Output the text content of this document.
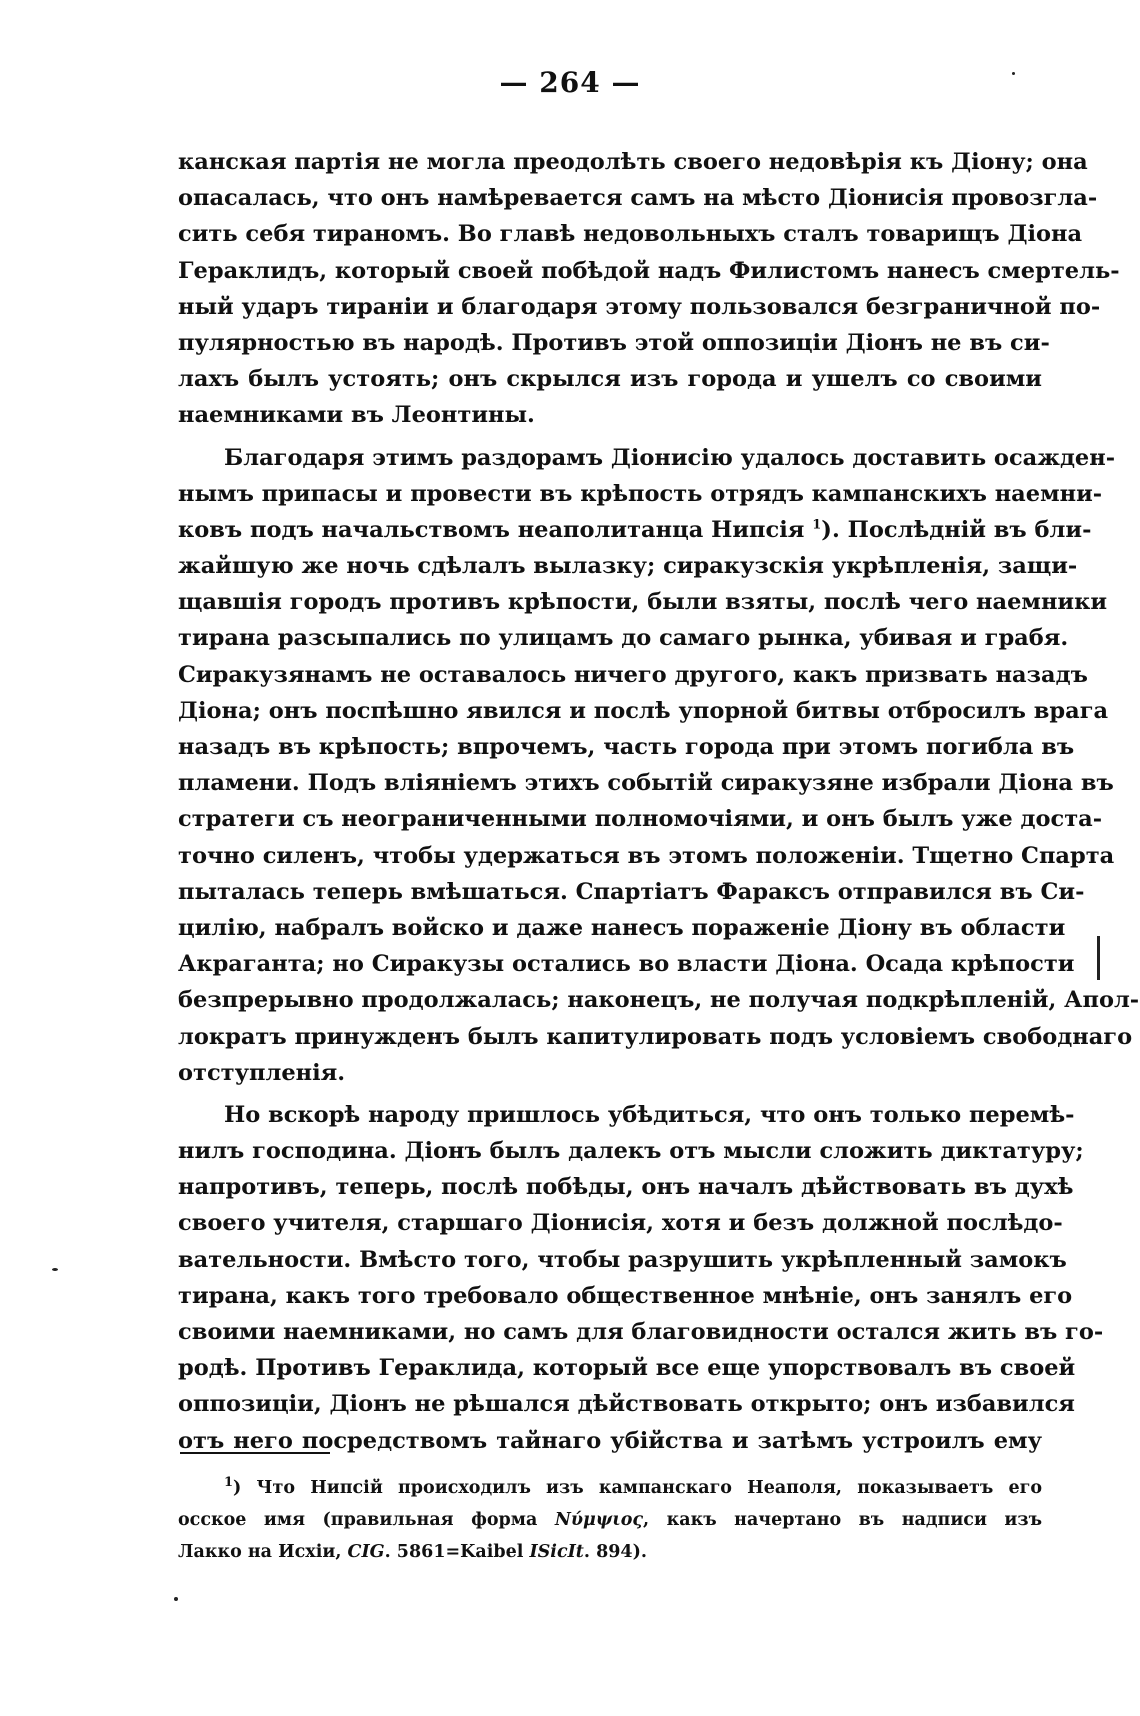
— 264 —
канская партія не могла преодолѣть своего недовѣрія къ Діону; она
опасалась, что онъ намѣревается самъ на мѣсто Діонисія провозгла-
сить себя тираномъ. Во главѣ недовольныхъ сталъ товарищъ Діона
Гераклидъ, который своей побѣдой надъ Филистомъ нанесъ смертель-
ный ударъ тираніи и благодаря этому пользовался безграничной по-
пулярностью въ народѣ. Противъ этой оппозиціи Діонъ не въ си-
лахъ былъ устоять; онъ скрылся изъ города и ушелъ со своими
наемниками въ Леонтины.
Благодаря этимъ раздорамъ Діонисію удалось доставить осажден-
нымъ припасы и провести въ крѣпость отрядъ кампанскихъ наемни-
ковъ подъ начальствомъ неаполитанца Нипсія $^1$). Послѣдній въ бли-
жайшую же ночь сдѣлалъ вылазку; сиракузскія укрѣпленія, защи-
щавшія городъ противъ крѣпости, были взяты, послѣ чего наемники
тирана разсыпались по улицамъ до самаго рынка, убивая и грабя.
Сиракузянамъ не оставалось ничего другого, какъ призвать назадъ
Діона; онъ поспѣшно явился и послѣ упорной битвы отбросилъ врага
назадъ въ крѣпость; впрочемъ, часть города при этомъ погибла въ
пламени. Подъ вліяніемъ этихъ событій сиракузяне избрали Діона въ
стратеги съ неограниченными полномочіями, и онъ былъ уже доста-
точно силенъ, чтобы удержаться въ этомъ положеніи. Тщетно Спарта
пыталась теперь вмѣшаться. Спартіатъ Фараксъ отправился въ Си-
цилію, набралъ войско и даже нанесъ пораженіе Діону въ области
Акраганта; но Сиракузы остались во власти Діона. Осада крѣпости
безпрерывно продолжалась; наконецъ, не получая подкрѣпленій, Апол-
лократъ принужденъ былъ капитулировать подъ условіемъ свободнаго
отступленія.
Но вскорѣ народу пришлось убѣдиться, что онъ только перемѣ-
нилъ господина. Діонъ былъ далекъ отъ мысли сложить диктатуру;
напротивъ, теперь, послѣ побѣды, онъ началъ дѣйствовать въ духѣ
своего учителя, старшаго Діонисія, хотя и безъ должной послѣдо-
вательности. Вмѣсто того, чтобы разрушить укрѣпленный замокъ
тирана, какъ того требовало общественное мнѣніе, онъ занялъ его
своими наемниками, но самъ для благовидности остался жить въ го-
родѣ. Противъ Гераклида, который все еще упорствовалъ въ своей
оппозиціи, Діонъ не рѣшался дѣйствовать открыто; онъ избавился
отъ него посредствомъ тайнаго убійства и затѣмъ устроилъ ему
$^1$) Что Нипсій происходилъ изъ кампанскаго Неаполя, показываетъ его
осскоe имя (правильная форма Νύμψιος, какъ начертано въ надписи изъ
Лакко на Исхіи, CIG. 5861=Kaibel ISicIt. 894).
